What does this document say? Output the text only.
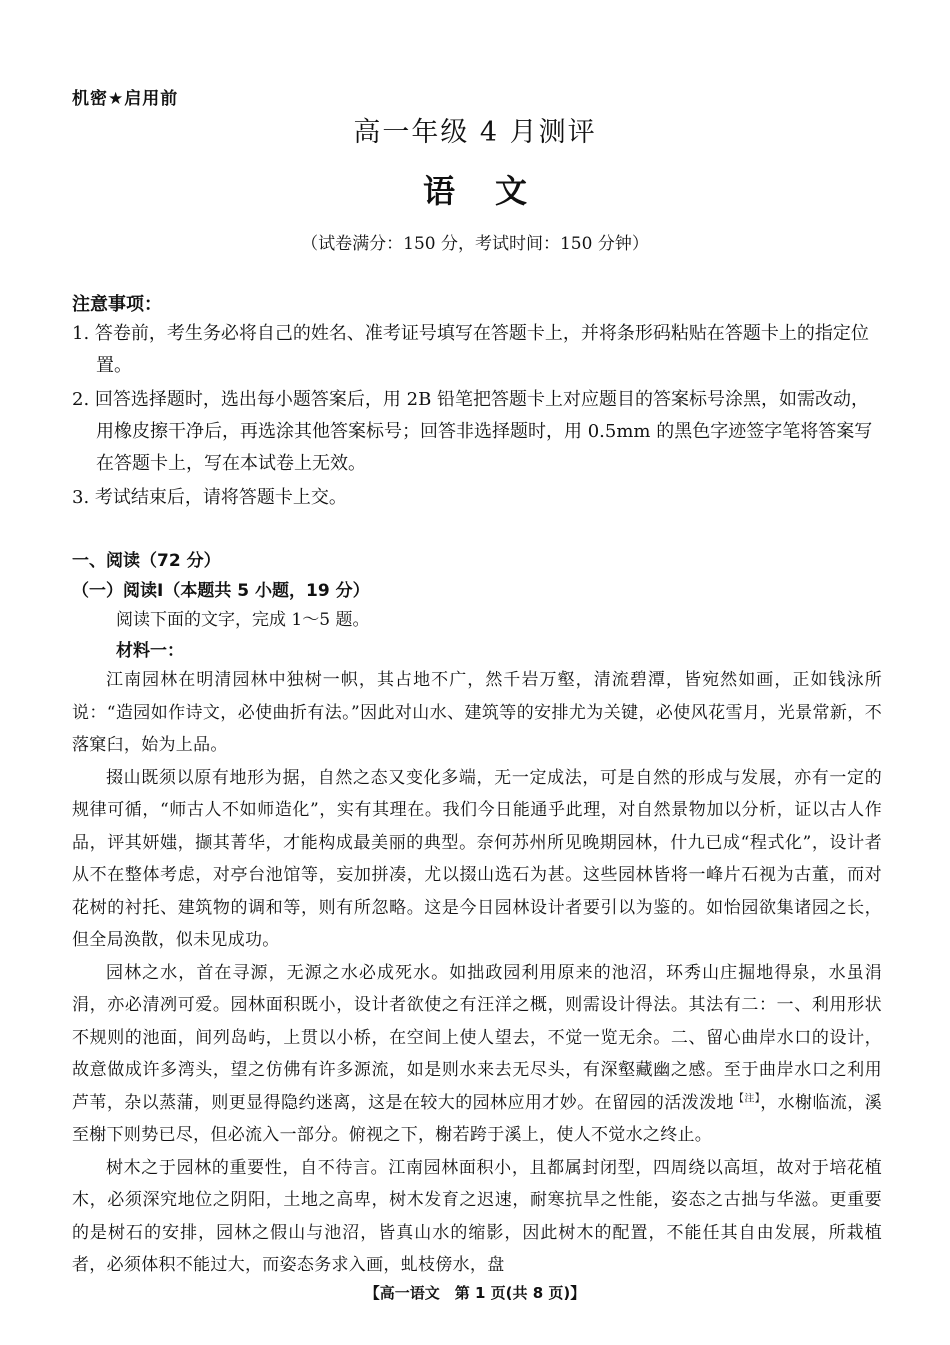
机密★启用前
高一年级 4 月测评
语文
（试卷满分：150 分，考试时间：150 分钟）
注意事项：
1. 答卷前，考生务必将自己的姓名、准考证号填写在答题卡上，并将条形码粘贴在答题卡上的指定位置。
2. 回答选择题时，选出每小题答案后，用 2B 铅笔把答题卡上对应题目的答案标号涂黑，如需改动，用橡皮擦干净后，再选涂其他答案标号；回答非选择题时，用 0.5mm 的黑色字迹签字笔将答案写在答题卡上，写在本试卷上无效。
3. 考试结束后，请将答题卡上交。
一、阅读（72 分）
（一）阅读Ⅰ（本题共 5 小题，19 分）
阅读下面的文字，完成 1～5 题。
材料一：

江南园林在明清园林中独树一帜，其占地不广，然千岩万壑，清流碧潭，皆宛然如画，正如钱泳所说：“造园如作诗文，必使曲折有法。”因此对山水、建筑等的安排尤为关键，必使风花雪月，光景常新，不落窠臼，始为上品。

掇山既须以原有地形为据，自然之态又变化多端，无一定成法，可是自然的形成与发展，亦有一定的规律可循，“师古人不如师造化”，实有其理在。我们今日能通乎此理，对自然景物加以分析，证以古人作品，评其妍媸，撷其菁华，才能构成最美丽的典型。奈何苏州所见晚期园林，什九已成“程式化”，设计者从不在整体考虑，对亭台池馆等，妄加拼凑，尤以掇山选石为甚。这些园林皆将一峰片石视为古董，而对花树的衬托、建筑物的调和等，则有所忽略。这是今日园林设计者要引以为鉴的。如怡园欲集诸园之长，但全局涣散，似未见成功。

园林之水，首在寻源，无源之水必成死水。如拙政园利用原来的池沼，环秀山庄掘地得泉，水虽涓涓，亦必清冽可爱。园林面积既小，设计者欲使之有汪洋之概，则需设计得法。其法有二：一、利用形状不规则的池面，间列岛屿，上贯以小桥，在空间上使人望去，不觉一览无余。二、留心曲岸水口的设计，故意做成许多湾头，望之仿佛有许多源流，如是则水来去无尽头，有深壑藏幽之感。至于曲岸水口之利用芦苇，杂以蒸蒲，则更显得隐约迷离，这是在较大的园林应用才妙。在留园的活泼泼地$^{【注】}$，水榭临流，溪至榭下则势已尽，但必流入一部分。俯视之下，榭若跨于溪上，使人不觉水之终止。

树木之于园林的重要性，自不待言。江南园林面积小，且都属封闭型，四周绕以高垣，故对于培花植木，必须深究地位之阴阳，土地之高卑，树木发育之迟速，耐寒抗旱之性能，姿态之古拙与华滋。更重要的是树石的安排，园林之假山与池沼，皆真山水的缩影，因此树木的配置，不能任其自由发展，所栽植者，必须体积不能过大，而姿态务求入画，虬枝傍水，盘

【高一语文　第 1 页(共 8 页)】
